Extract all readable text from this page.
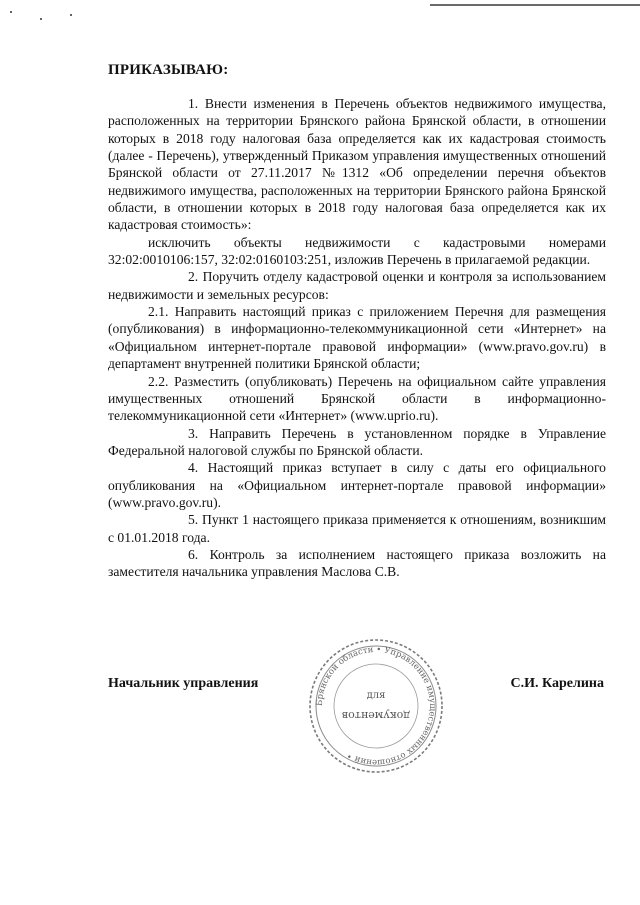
ПРИКАЗЫВАЮ:

1. Внести изменения в Перечень объектов недвижимого имущества, расположенных на территории Брянского района Брянской области, в отношении которых в 2018 году налоговая база определяется как их кадастровая стоимость (далее - Перечень), утвержденный Приказом управления имущественных отношений Брянской области от 27.11.2017 №1312 «Об определении перечня объектов недвижимого имущества, расположенных на территории Брянского района Брянской области, в отношении которых в 2018 году налоговая база определяется как их кадастровая стоимость»:

исключить объекты недвижимости с кадастровыми номерами 32:02:0010106:157, 32:02:0160103:251, изложив Перечень в прилагаемой редакции.

2. Поручить отделу кадастровой оценки и контроля за использованием недвижимости и земельных ресурсов:

2.1. Направить настоящий приказ с приложением Перечня для размещения (опубликования) в информационно-телекоммуникационной сети «Интернет» на «Официальном интернет-портале правовой информации» (www.pravo.gov.ru) в департамент внутренней политики Брянской области;

2.2. Разместить (опубликовать) Перечень на официальном сайте управления имущественных отношений Брянской области в информационно-телекоммуникационной сети «Интернет» (www.uprio.ru).

3. Направить Перечень в установленном порядке в Управление Федеральной налоговой службы по Брянской области.

4. Настоящий приказ вступает в силу с даты его официального опубликования на «Официальном интернет-портале правовой информации» (www.pravo.gov.ru).

5. Пункт 1 настоящего приказа применяется к отношениям, возникшим с 01.01.2018 года.

6. Контроль за исполнением настоящего приказа возложить на заместителя начальника управления Маслова С.В.

Начальник управления
Брянской области • Управление имущественных отношений •
для
документов
С.И. Карелина
